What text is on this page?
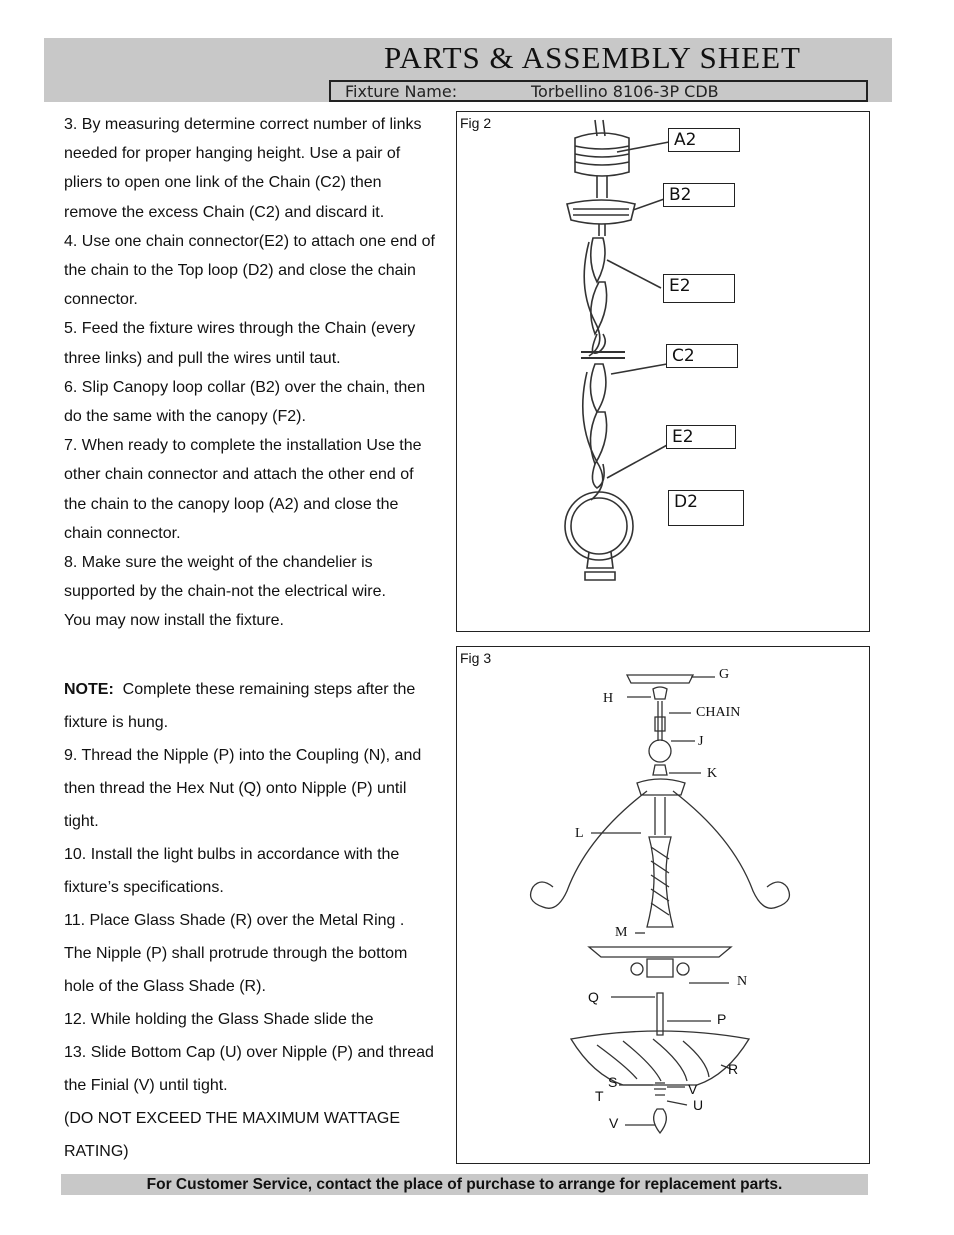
PARTS & ASSEMBLY SHEET
Fixture Name:	Torbellino 8106-3P CDB

3. By measuring determine correct number of links

needed for proper hanging height. Use a pair of

pliers to open one link of the Chain (C2) then

remove the excess Chain (C2) and discard it.

4. Use one chain connector(E2) to attach one end of

the chain to the Top loop (D2) and close the chain

connector.

5. Feed the fixture wires through the Chain (every

three links) and pull the wires until taut.

6. Slip Canopy loop collar (B2) over the chain, then

do the same with the canopy (F2).

7. When ready to complete the installation Use the

other chain connector and attach the other end of

the chain to the canopy loop (A2) and close the

chain connector.

8. Make sure the weight of the chandelier is

supported by the chain-not the electrical wire.

You may now install the fixture.

NOTE: Complete these remaining steps after the

fixture is hung.

9. Thread the Nipple (P) into the Coupling (N), and

then thread the Hex Nut (Q) onto Nipple (P) until

tight.

10. Install the light bulbs in accordance with the

fixture’s specifications.

11. Place Glass Shade (R) over the Metal Ring .

The Nipple (P) shall protrude through the bottom

hole of the Glass Shade (R).

12. While holding the Glass Shade slide the

13. Slide Bottom Cap (U) over Nipple (P) and thread

the Finial (V) until tight.

(DO NOT EXCEED THE MAXIMUM WATTAGE

RATING)

Fig 2
A2
B2
E2
C2
E2
D2
Fig 3
G
H
CHAIN
J
K
L
M
N
Q
P
R
S
T	V
U
V
For Customer Service, contact the place of purchase to arrange for replacement parts.
